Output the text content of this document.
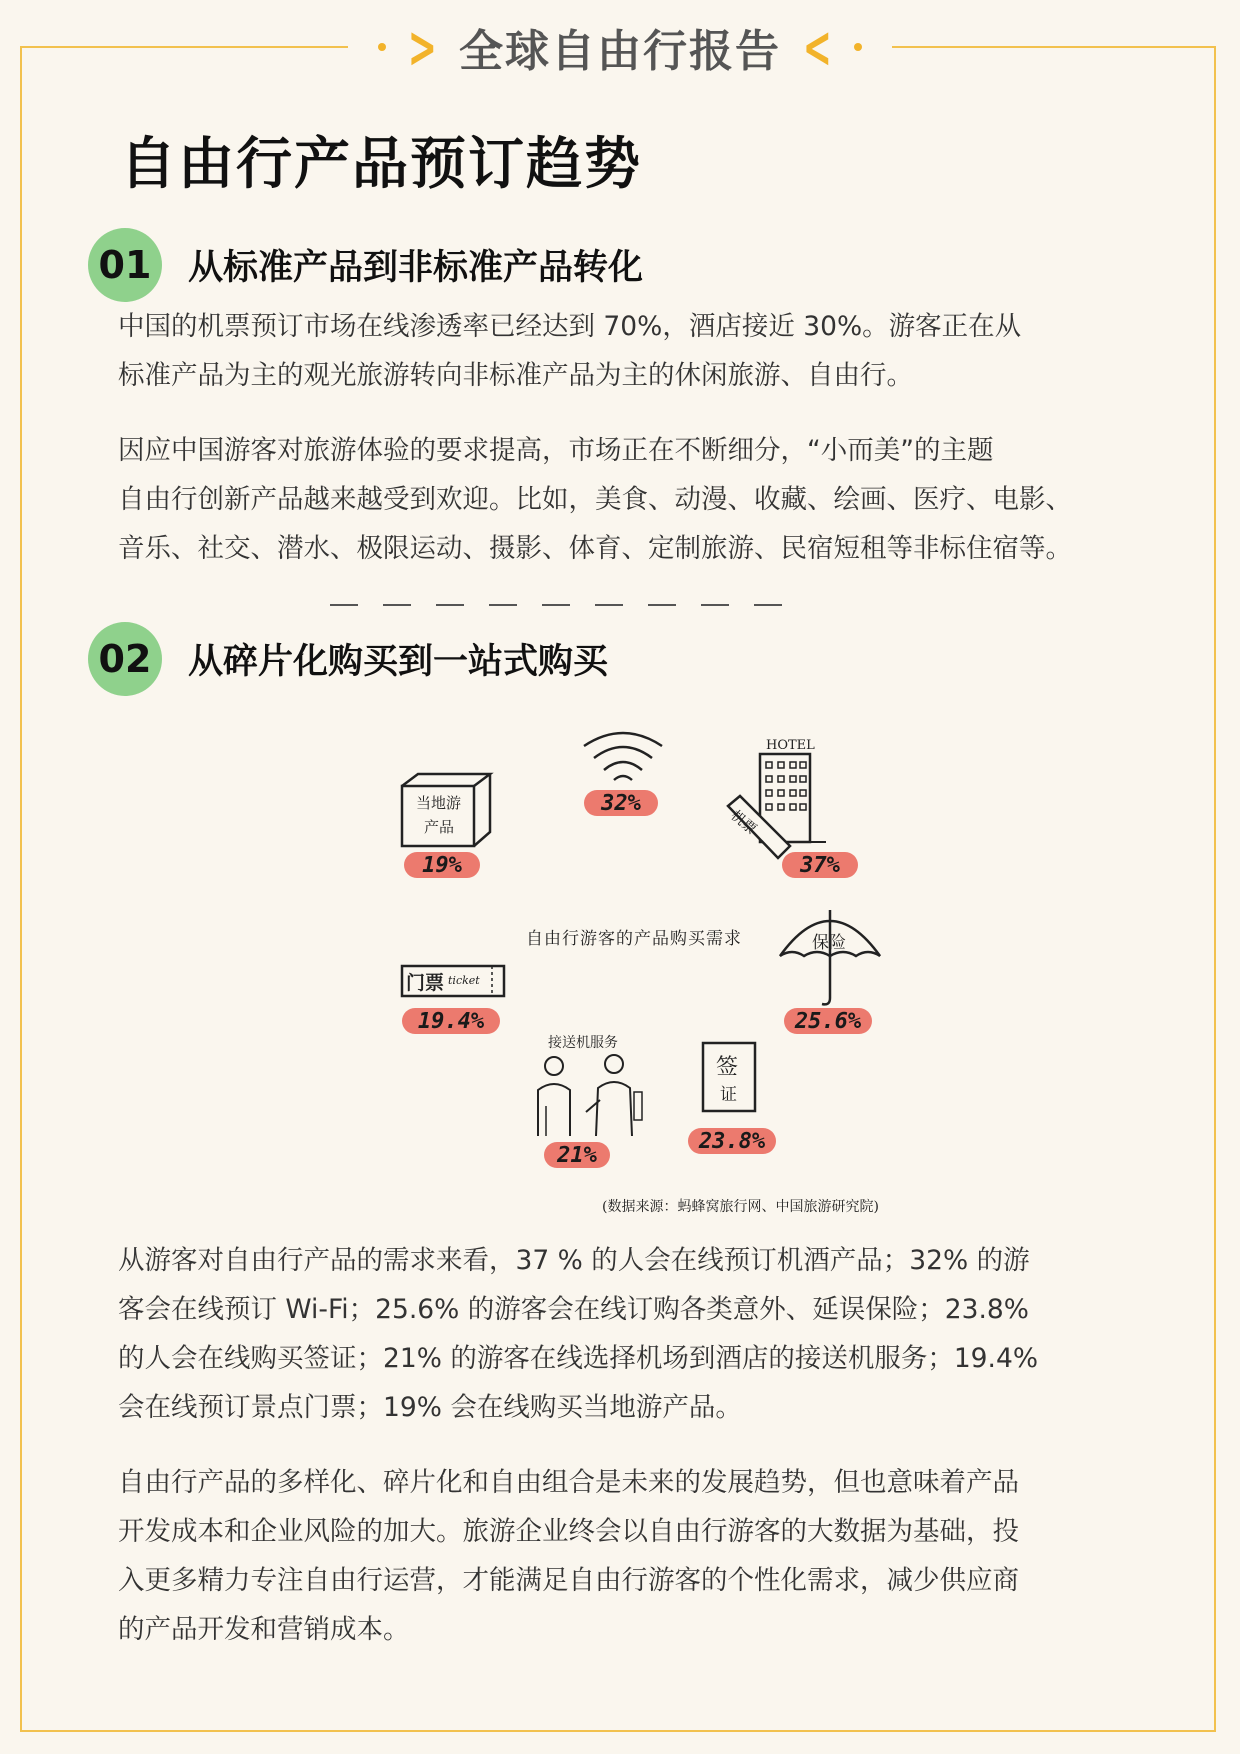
> 全球自由行报告 <
自由行产品预订趋势
01	从标准产品到非标准产品转化

中国的机票预订市场在线渗透率已经达到 70%，酒店接近 30%。游客正在从
标准产品为主的观光旅游转向非标准产品为主的休闲旅游、自由行。

因应中国游客对旅游体验的要求提高，市场正在不断细分，“小而美”的主题
自由行创新产品越来越受到欢迎。比如，美食、动漫、收藏、绘画、医疗、电影、
音乐、社交、潜水、极限运动、摄影、体育、定制旅游、民宿短租等非标住宿等。

02	从碎片化购买到一站式购买
当地游
产品
19%
32%
HOTEL
机票
37%
自由行游客的产品购买需求
门票 ticket
19.4%
保险
25.6%
接送机服务
21%
签
证
23.8%
(数据来源：蚂蜂窝旅行网、中国旅游研究院)

从游客对自由行产品的需求来看，37 % 的人会在线预订机酒产品；32% 的游
客会在线预订 Wi-Fi；25.6% 的游客会在线订购各类意外、延误保险；23.8%
的人会在线购买签证；21% 的游客在线选择机场到酒店的接送机服务；19.4%
会在线预订景点门票；19% 会在线购买当地游产品。

自由行产品的多样化、碎片化和自由组合是未来的发展趋势，但也意味着产品
开发成本和企业风险的加大。旅游企业终会以自由行游客的大数据为基础，投
入更多精力专注自由行运营，才能满足自由行游客的个性化需求，减少供应商
的产品开发和营销成本。
